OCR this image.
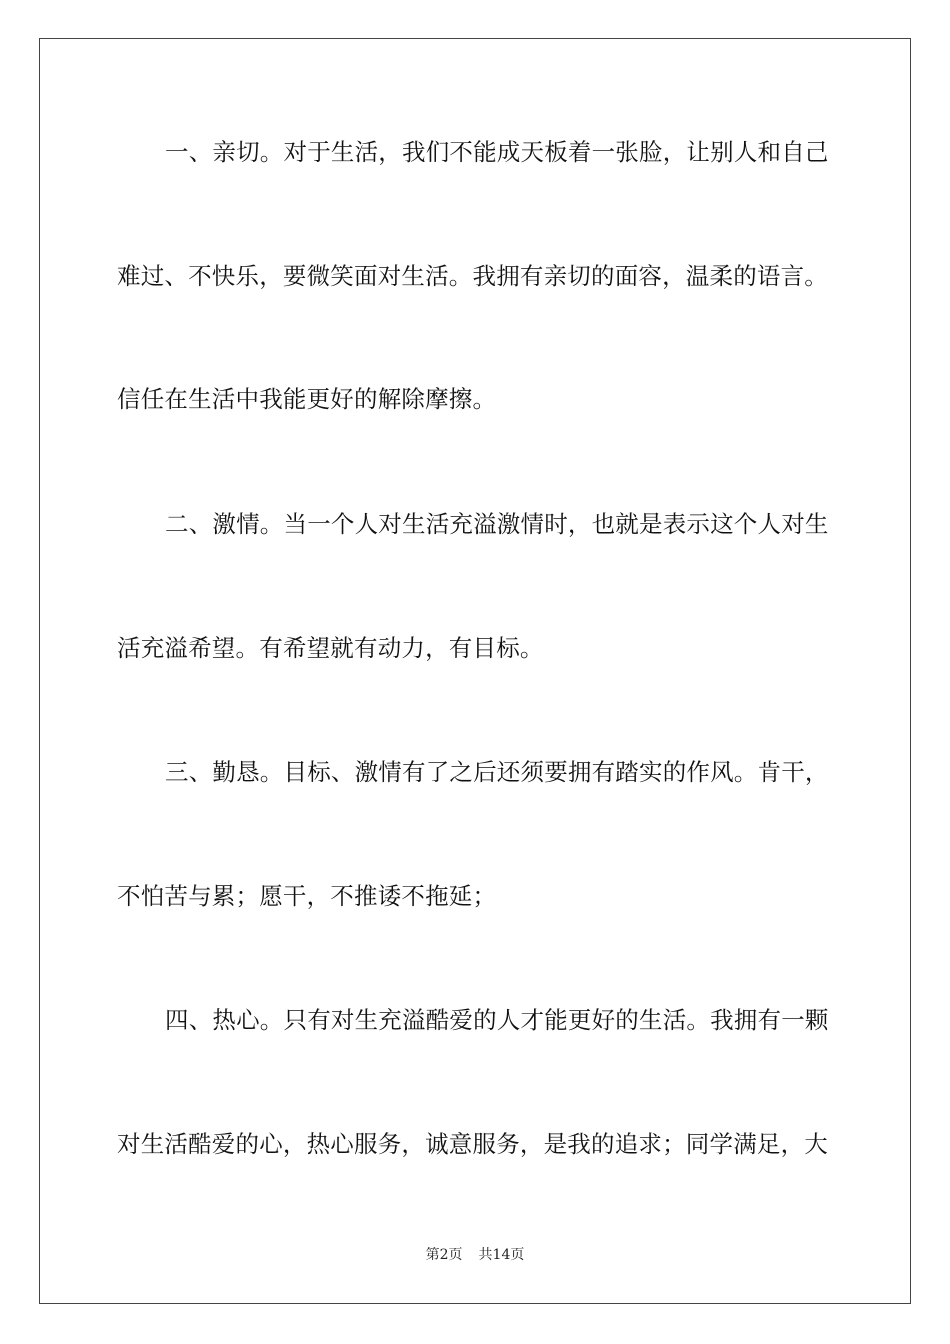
一、亲切。对于生活，我们不能成天板着一张脸，让别人和自己
难过、不快乐，要微笑面对生活。我拥有亲切的面容，温柔的语言。
信任在生活中我能更好的解除摩擦。
二、激情。当一个人对生活充溢激情时，也就是表示这个人对生
活充溢希望。有希望就有动力，有目标。
三、勤恳。目标、激情有了之后还须要拥有踏实的作风。肯干，
不怕苦与累；愿干，不推诿不拖延；
四、热心。只有对生充溢酷爱的人才能更好的生活。我拥有一颗
对生活酷爱的心，热心服务，诚意服务，是我的追求；同学满足，大
第2页 共14页
